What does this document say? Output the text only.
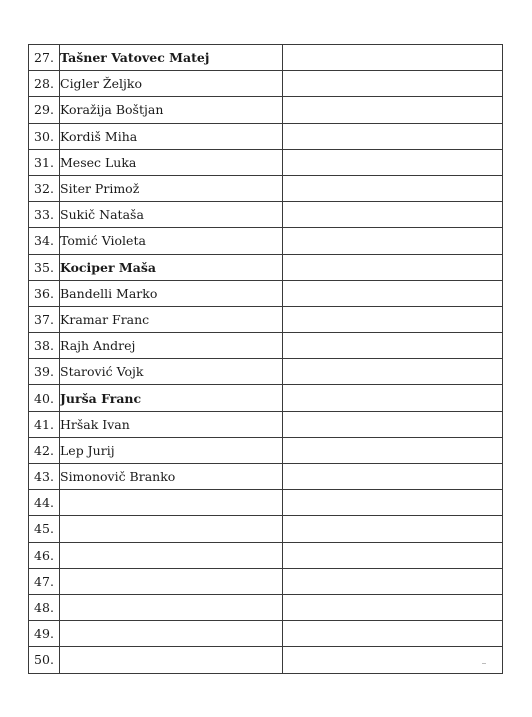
27.	Tašner Vatovec Matej	
28.	Cigler Željko	
29.	Koražija Boštjan	
30.	Kordiš Miha	
31.	Mesec Luka	
32.	Siter Primož	
33.	Sukič Nataša	
34.	Tomić Violeta	
35.	Kociper Maša	
36.	Bandelli Marko	
37.	Kramar Franc	
38.	Rajh Andrej	
39.	Starović Vojk	
40.	Jurša Franc	
41.	Hršak Ivan	
42.	Lep Jurij	
43.	Simonovič Branko	
44.		
45.		
46.		
47.		
48.		
49.		
50.		
